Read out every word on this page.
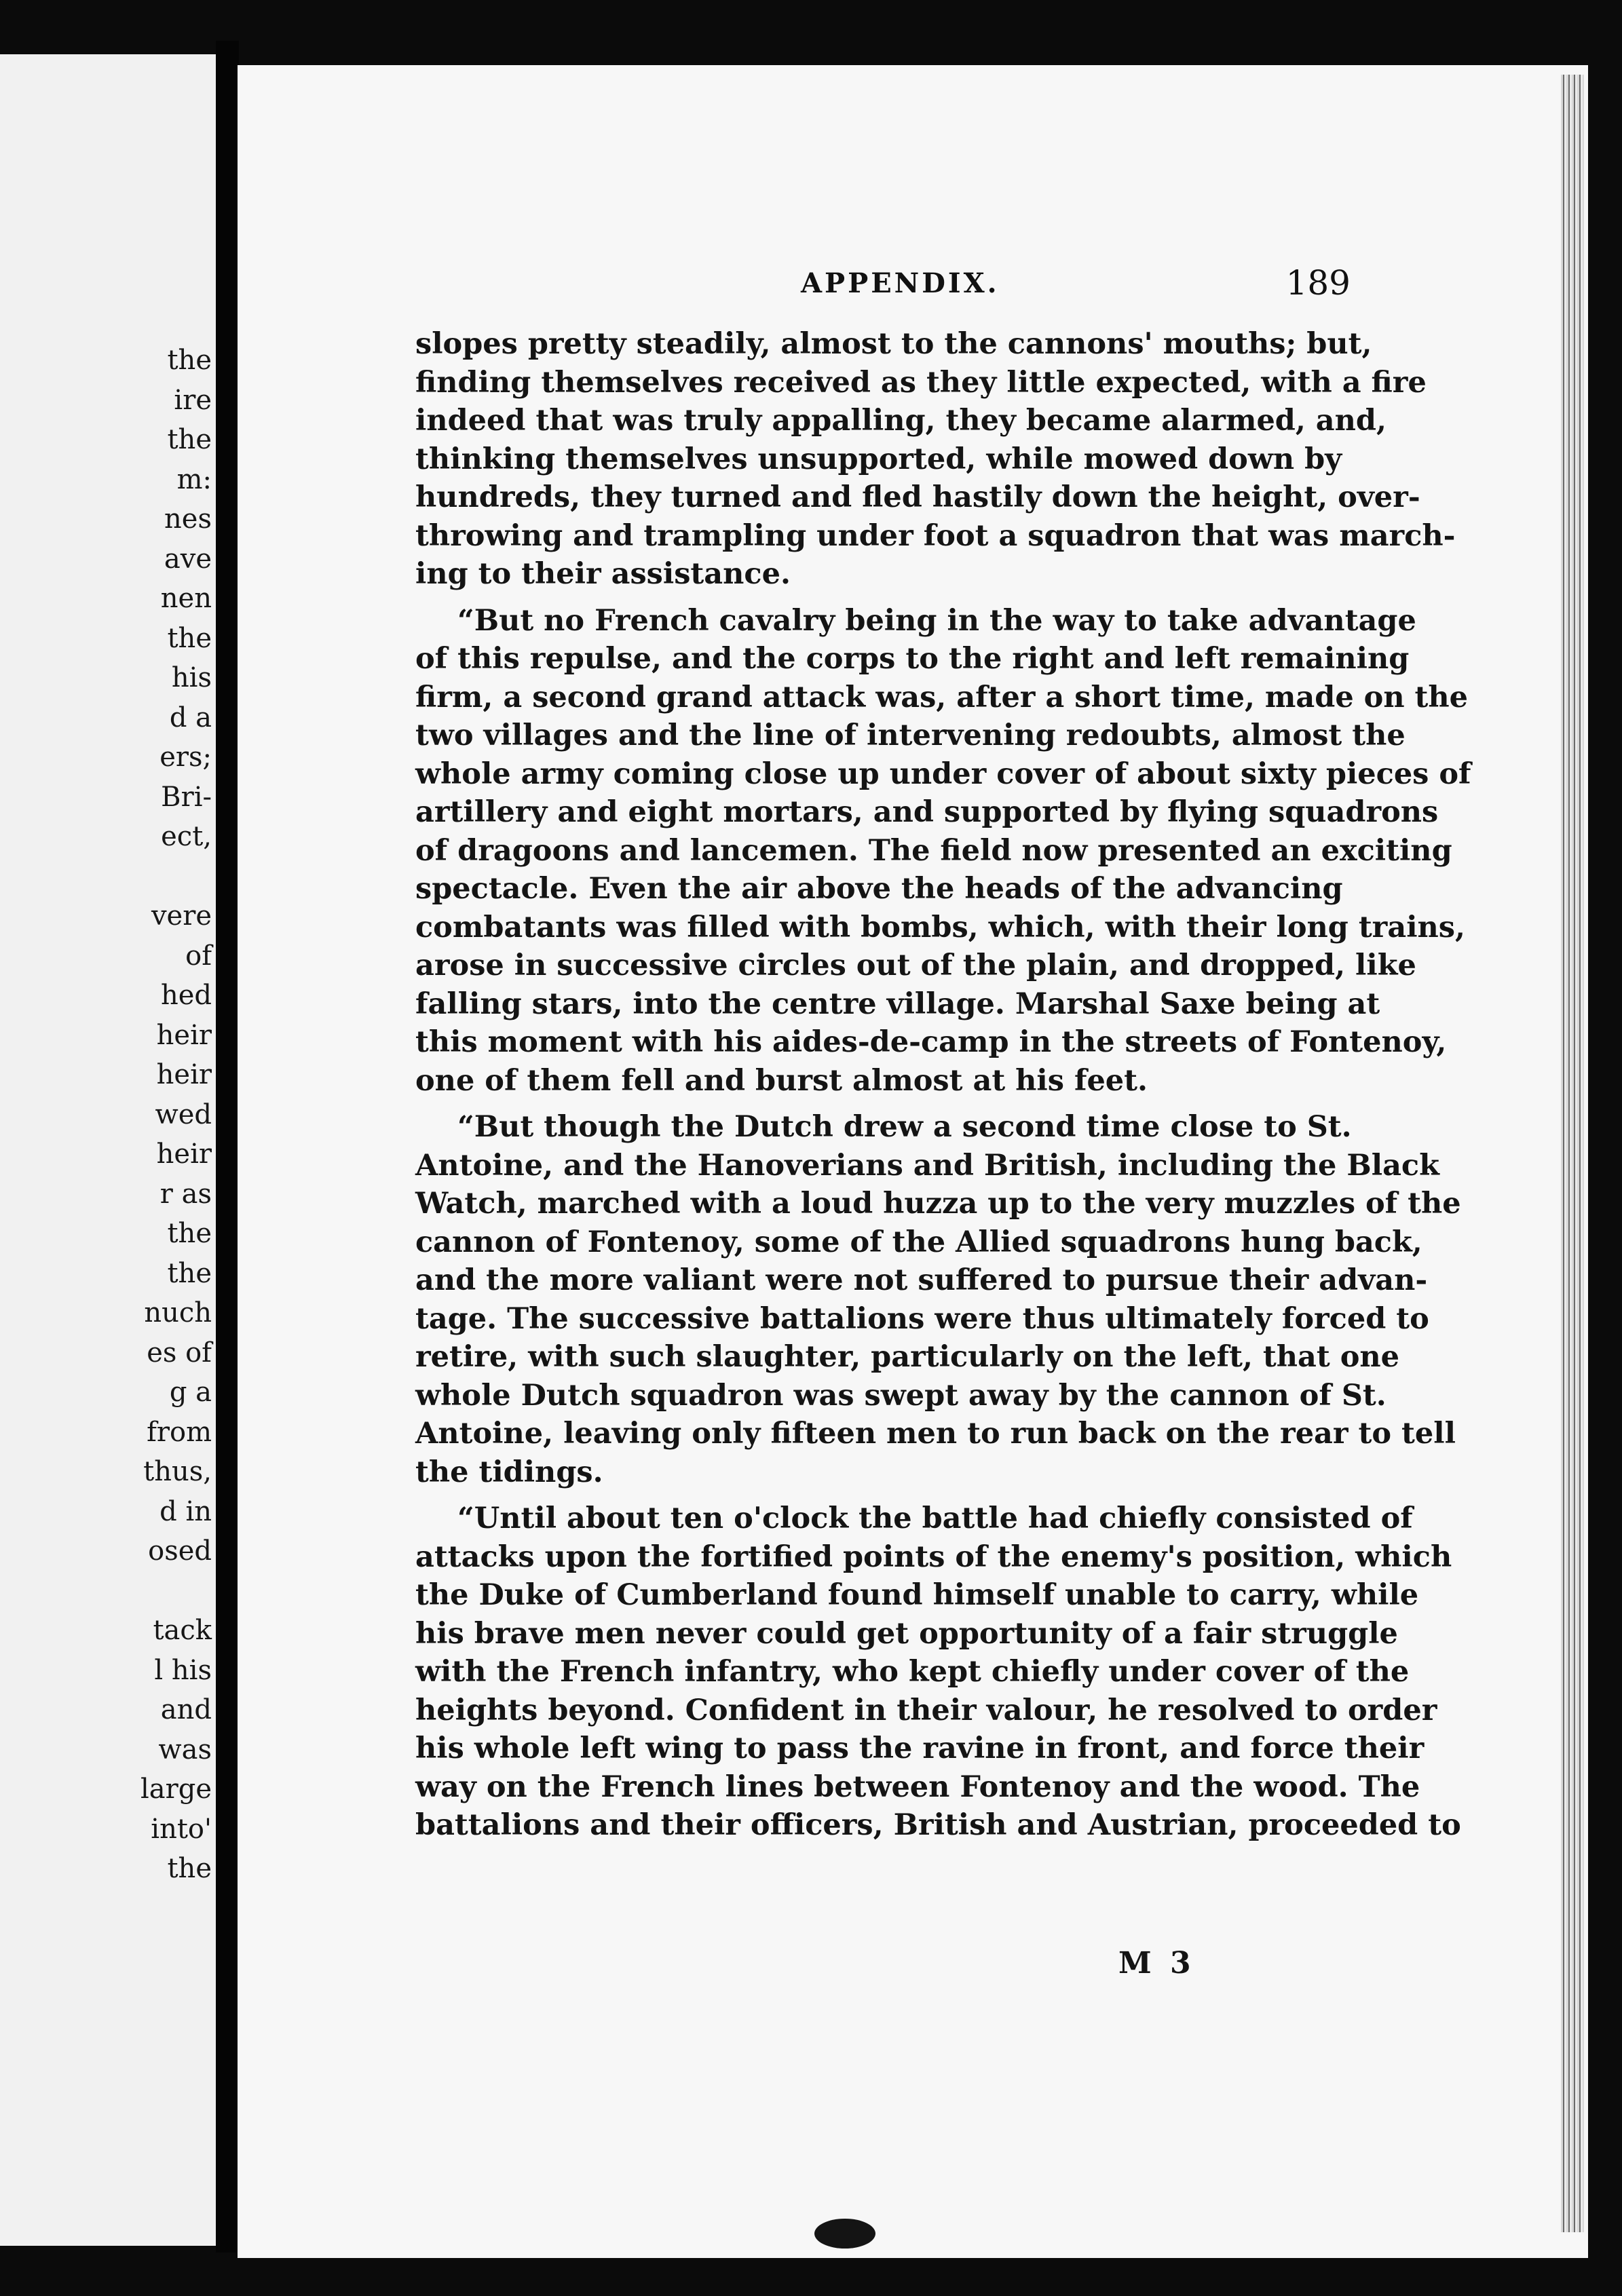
the
ire
the
m:
nes
ave
nen
the
his
d a
ers;
Bri-
ect,
vere
of
hed
heir
heir
wed
heir
r as
the
the
nuch
es of
g a
from
thus,
d in
osed
tack
l his
and
was
large
into'
the
APPENDIX.	189
slopes pretty steadily, almost to the cannons' mouths; but,
finding themselves received as they little expected, with a fire
indeed that was truly appalling, they became alarmed, and,
thinking themselves unsupported, while mowed down by
hundreds, they turned and fled hastily down the height, over-
throwing and trampling under foot a squadron that was march-
ing to their assistance.
“But no French cavalry being in the way to take advantage
of this repulse, and the corps to the right and left remaining
firm, a second grand attack was, after a short time, made on the
two villages and the line of intervening redoubts, almost the
whole army coming close up under cover of about sixty pieces of
artillery and eight mortars, and supported by flying squadrons
of dragoons and lancemen. The field now presented an exciting
spectacle. Even the air above the heads of the advancing
combatants was filled with bombs, which, with their long trains,
arose in successive circles out of the plain, and dropped, like
falling stars, into the centre village. Marshal Saxe being at
this moment with his aides-de-camp in the streets of Fontenoy,
one of them fell and burst almost at his feet.
“But though the Dutch drew a second time close to St.
Antoine, and the Hanoverians and British, including the Black
Watch, marched with a loud huzza up to the very muzzles of the
cannon of Fontenoy, some of the Allied squadrons hung back,
and the more valiant were not suffered to pursue their advan-
tage. The successive battalions were thus ultimately forced to
retire, with such slaughter, particularly on the left, that one
whole Dutch squadron was swept away by the cannon of St.
Antoine, leaving only fifteen men to run back on the rear to tell
the tidings.
“Until about ten o'clock the battle had chiefly consisted of
attacks upon the fortified points of the enemy's position, which
the Duke of Cumberland found himself unable to carry, while
his brave men never could get opportunity of a fair struggle
with the French infantry, who kept chiefly under cover of the
heights beyond. Confident in their valour, he resolved to order
his whole left wing to pass the ravine in front, and force their
way on the French lines between Fontenoy and the wood. The
battalions and their officers, British and Austrian, proceeded to
M 3
